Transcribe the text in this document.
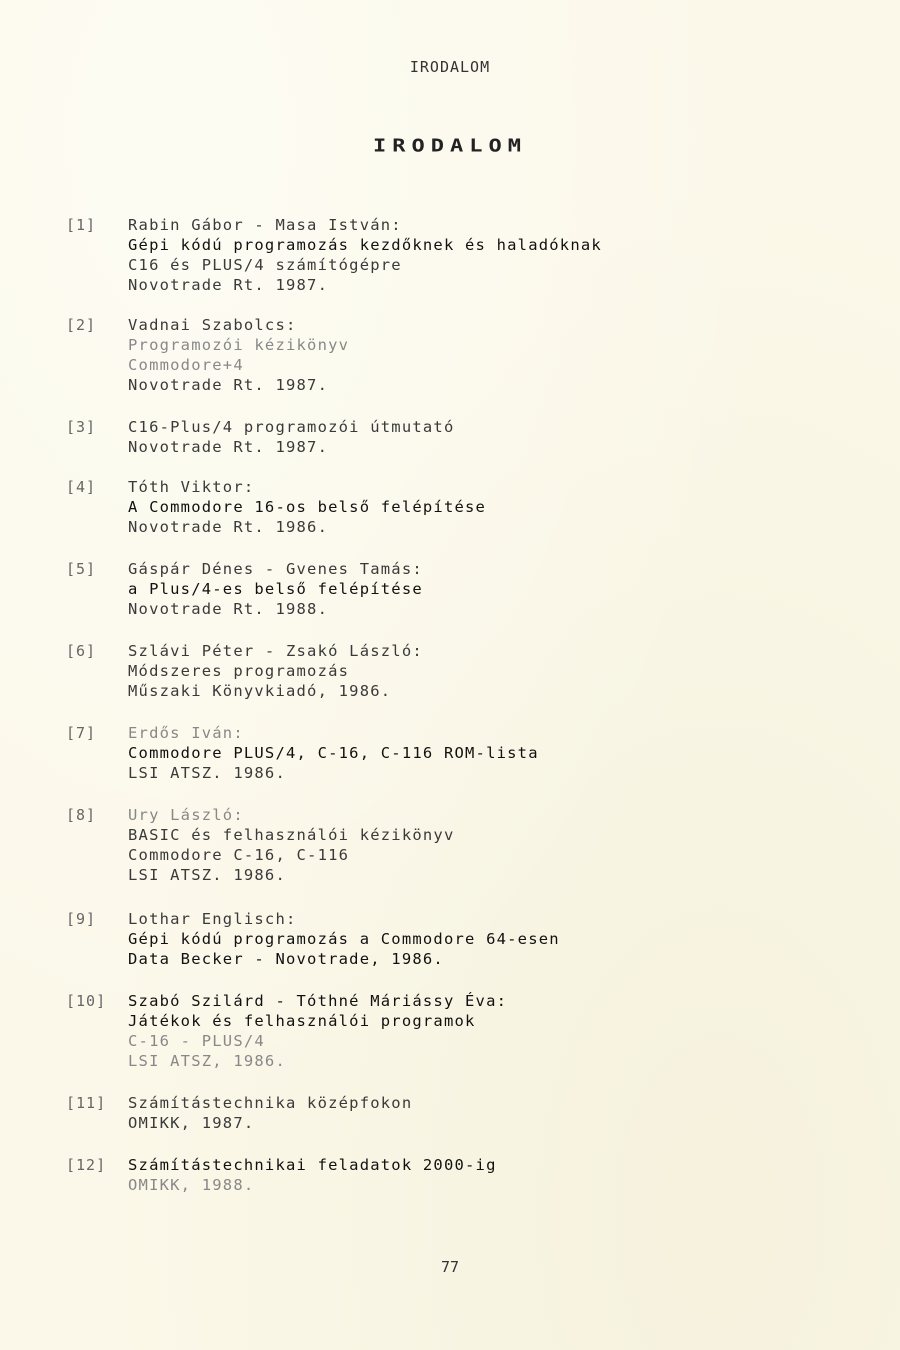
IRODALOM
IRODALOM
[1]	Rabin Gábor - Masa István:
Gépi kódú programozás kezdőknek és haladóknak
C16 és PLUS/4 számítógépre
Novotrade Rt. 1987.
[2]	Vadnai Szabolcs:
Programozói kézikönyv
Commodore+4
Novotrade Rt. 1987.
[3]	C16-Plus/4 programozói útmutató
Novotrade Rt. 1987.
[4]	Tóth Viktor:
A Commodore 16-os belső felépítése
Novotrade Rt. 1986.
[5]	Gáspár Dénes - Gvenes Tamás:
a Plus/4-es belső felépítése
Novotrade Rt. 1988.
[6]	Szlávi Péter - Zsakó László:
Módszeres programozás
Műszaki Könyvkiadó, 1986.
[7]	Erdős Iván:
Commodore PLUS/4, C-16, C-116 ROM-lista
LSI ATSZ. 1986.
[8]	Ury László:
BASIC és felhasználói kézikönyv
Commodore C-16, C-116
LSI ATSZ. 1986.
[9]	Lothar Englisch:
Gépi kódú programozás a Commodore 64-esen
Data Becker - Novotrade, 1986.
[10]	Szabó Szilárd - Tóthné Máriássy Éva:
Játékok és felhasználói programok
C-16 - PLUS/4
LSI ATSZ, 1986.
[11]	Számítástechnika középfokon
OMIKK, 1987.
[12]	Számítástechnikai feladatok 2000-ig
OMIKK, 1988.
77
